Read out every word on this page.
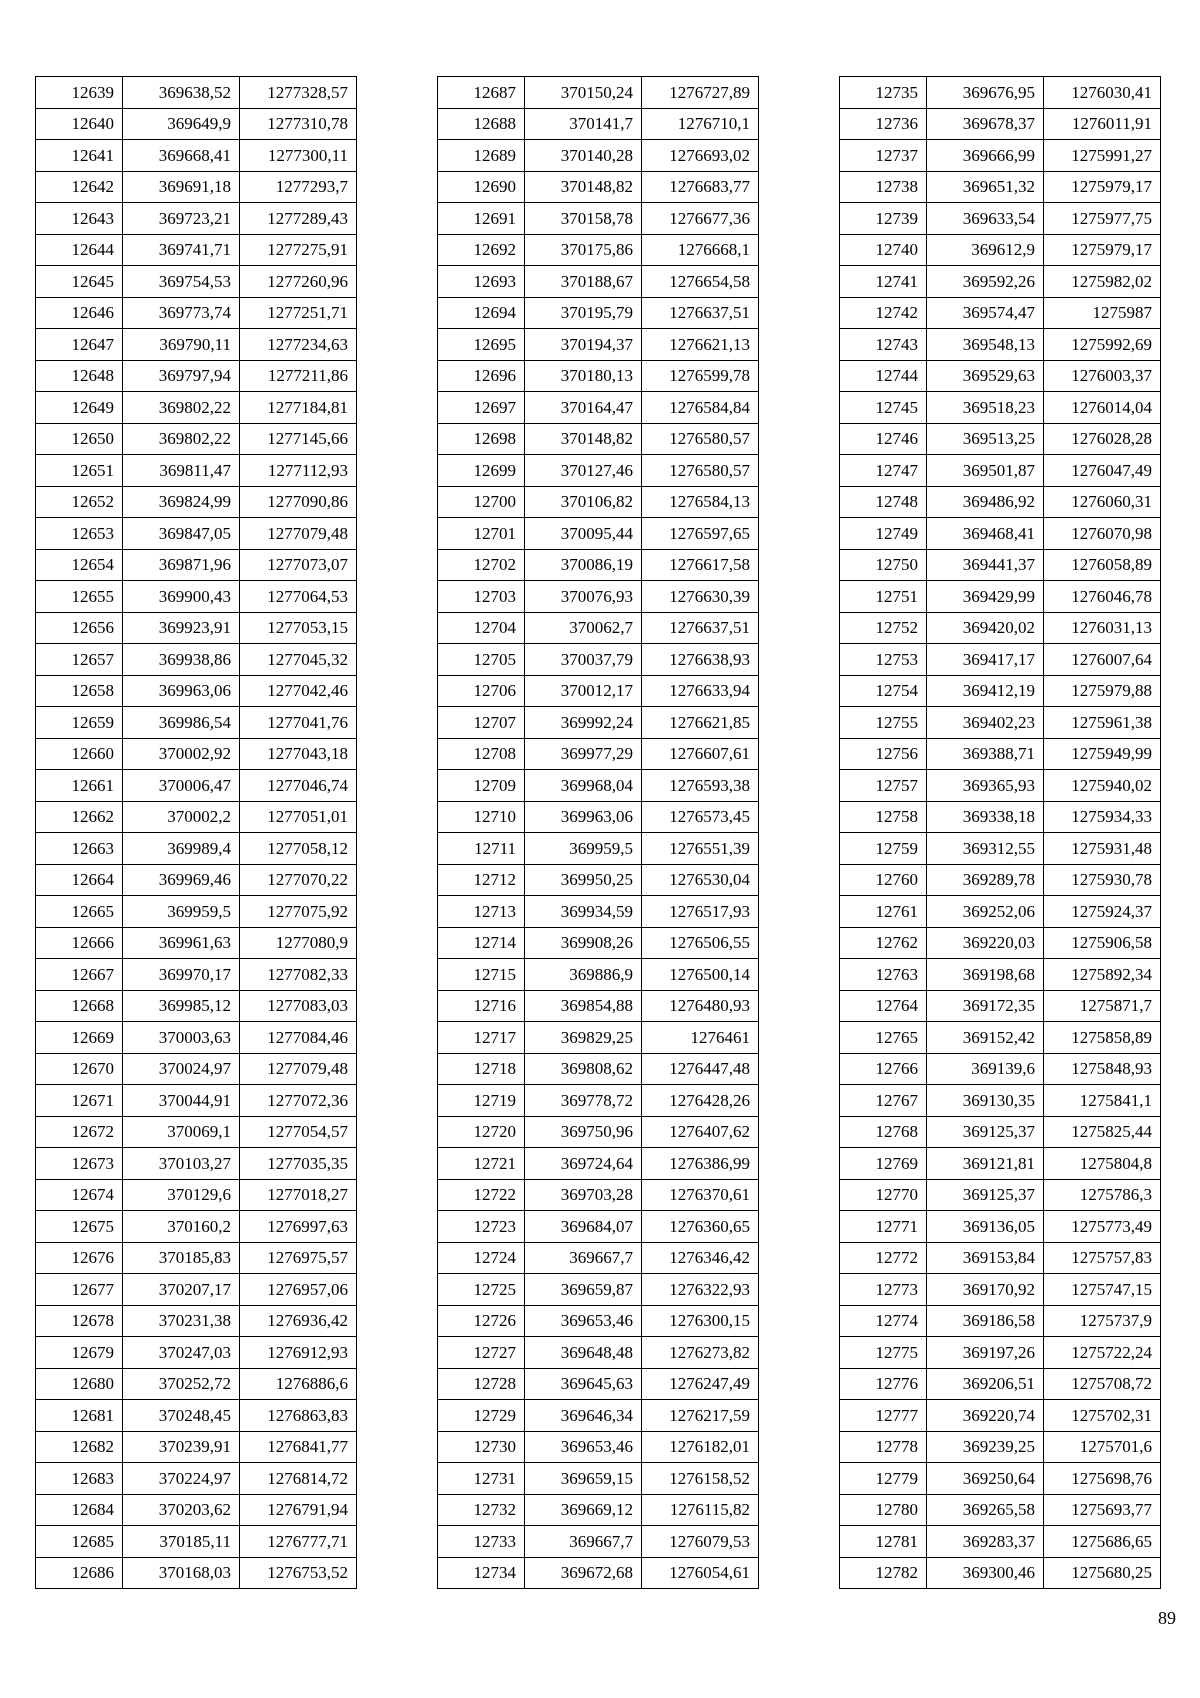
12639	369638,52	1277328,57
12640	369649,9	1277310,78
12641	369668,41	1277300,11
12642	369691,18	1277293,7
12643	369723,21	1277289,43
12644	369741,71	1277275,91
12645	369754,53	1277260,96
12646	369773,74	1277251,71
12647	369790,11	1277234,63
12648	369797,94	1277211,86
12649	369802,22	1277184,81
12650	369802,22	1277145,66
12651	369811,47	1277112,93
12652	369824,99	1277090,86
12653	369847,05	1277079,48
12654	369871,96	1277073,07
12655	369900,43	1277064,53
12656	369923,91	1277053,15
12657	369938,86	1277045,32
12658	369963,06	1277042,46
12659	369986,54	1277041,76
12660	370002,92	1277043,18
12661	370006,47	1277046,74
12662	370002,2	1277051,01
12663	369989,4	1277058,12
12664	369969,46	1277070,22
12665	369959,5	1277075,92
12666	369961,63	1277080,9
12667	369970,17	1277082,33
12668	369985,12	1277083,03
12669	370003,63	1277084,46
12670	370024,97	1277079,48
12671	370044,91	1277072,36
12672	370069,1	1277054,57
12673	370103,27	1277035,35
12674	370129,6	1277018,27
12675	370160,2	1276997,63
12676	370185,83	1276975,57
12677	370207,17	1276957,06
12678	370231,38	1276936,42
12679	370247,03	1276912,93
12680	370252,72	1276886,6
12681	370248,45	1276863,83
12682	370239,91	1276841,77
12683	370224,97	1276814,72
12684	370203,62	1276791,94
12685	370185,11	1276777,71
12686	370168,03	1276753,52
12687	370150,24	1276727,89
12688	370141,7	1276710,1
12689	370140,28	1276693,02
12690	370148,82	1276683,77
12691	370158,78	1276677,36
12692	370175,86	1276668,1
12693	370188,67	1276654,58
12694	370195,79	1276637,51
12695	370194,37	1276621,13
12696	370180,13	1276599,78
12697	370164,47	1276584,84
12698	370148,82	1276580,57
12699	370127,46	1276580,57
12700	370106,82	1276584,13
12701	370095,44	1276597,65
12702	370086,19	1276617,58
12703	370076,93	1276630,39
12704	370062,7	1276637,51
12705	370037,79	1276638,93
12706	370012,17	1276633,94
12707	369992,24	1276621,85
12708	369977,29	1276607,61
12709	369968,04	1276593,38
12710	369963,06	1276573,45
12711	369959,5	1276551,39
12712	369950,25	1276530,04
12713	369934,59	1276517,93
12714	369908,26	1276506,55
12715	369886,9	1276500,14
12716	369854,88	1276480,93
12717	369829,25	1276461
12718	369808,62	1276447,48
12719	369778,72	1276428,26
12720	369750,96	1276407,62
12721	369724,64	1276386,99
12722	369703,28	1276370,61
12723	369684,07	1276360,65
12724	369667,7	1276346,42
12725	369659,87	1276322,93
12726	369653,46	1276300,15
12727	369648,48	1276273,82
12728	369645,63	1276247,49
12729	369646,34	1276217,59
12730	369653,46	1276182,01
12731	369659,15	1276158,52
12732	369669,12	1276115,82
12733	369667,7	1276079,53
12734	369672,68	1276054,61
12735	369676,95	1276030,41
12736	369678,37	1276011,91
12737	369666,99	1275991,27
12738	369651,32	1275979,17
12739	369633,54	1275977,75
12740	369612,9	1275979,17
12741	369592,26	1275982,02
12742	369574,47	1275987
12743	369548,13	1275992,69
12744	369529,63	1276003,37
12745	369518,23	1276014,04
12746	369513,25	1276028,28
12747	369501,87	1276047,49
12748	369486,92	1276060,31
12749	369468,41	1276070,98
12750	369441,37	1276058,89
12751	369429,99	1276046,78
12752	369420,02	1276031,13
12753	369417,17	1276007,64
12754	369412,19	1275979,88
12755	369402,23	1275961,38
12756	369388,71	1275949,99
12757	369365,93	1275940,02
12758	369338,18	1275934,33
12759	369312,55	1275931,48
12760	369289,78	1275930,78
12761	369252,06	1275924,37
12762	369220,03	1275906,58
12763	369198,68	1275892,34
12764	369172,35	1275871,7
12765	369152,42	1275858,89
12766	369139,6	1275848,93
12767	369130,35	1275841,1
12768	369125,37	1275825,44
12769	369121,81	1275804,8
12770	369125,37	1275786,3
12771	369136,05	1275773,49
12772	369153,84	1275757,83
12773	369170,92	1275747,15
12774	369186,58	1275737,9
12775	369197,26	1275722,24
12776	369206,51	1275708,72
12777	369220,74	1275702,31
12778	369239,25	1275701,6
12779	369250,64	1275698,76
12780	369265,58	1275693,77
12781	369283,37	1275686,65
12782	369300,46	1275680,25
89
